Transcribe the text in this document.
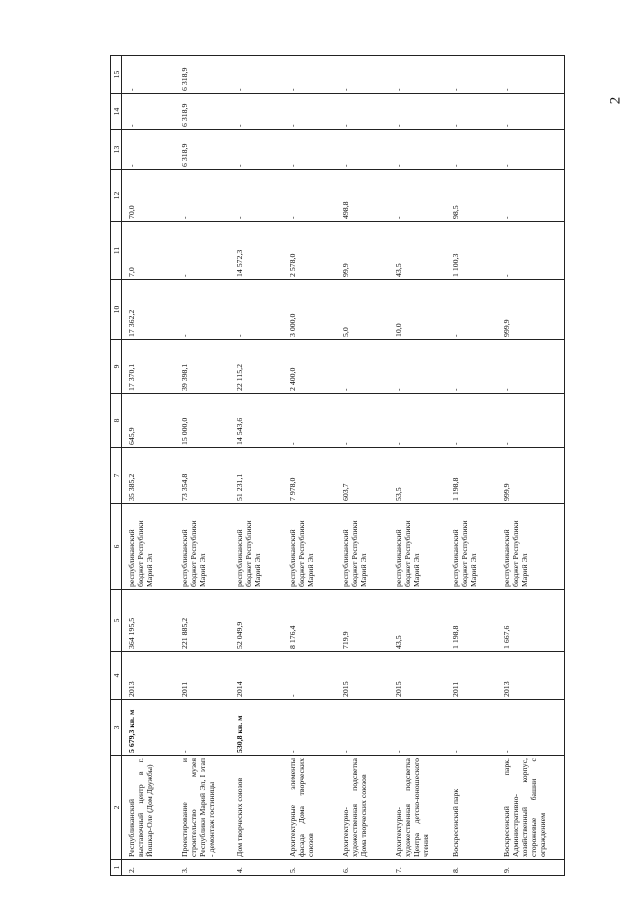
2
1	2	3	4	5	6	7	8	9	10	11	12	13	14	15
2.	Республиканский выставочный центр в г. Йошкар-Оле (Дом Дружбы)	5 679,3 кв. м	2013	364 195,5	республиканский бюджет Республики Марий Эл	35 385,2	645,9	17 370,1	17 362,2	7,0	70,0	-	-	-
3.	Проектирование и строительство музея Республики Марий Эл, I этап - демонтаж гостиницы	-	2011	221 885,2	республиканский бюджет Республики Марий Эл	73 354,8	15 000,0	39 398,1	-	-	-	6 318,9	6 318,9	6 318,9
4.	Дом творческих союзов	530,8 кв. м	2014	52 049,9	республиканский бюджет Республики Марий Эл	51 231,1	14 543,6	22 115,2	-	14 572,3	-	-	-	-
5.	Архитектурные элементы фасада Дома творческих союзов	-	-	8 176,4	республиканский бюджет Республики Марий Эл	7 978,0	-	2 400,0	3 000,0	2 578,0	-	-	-	-
6.	Архитектурно-художественная подсветка Дома творческих союзов	-	2015	719,9	республиканский бюджет Республики Марий Эл	603,7	-	-	5,0	99,9	498,8	-	-	-
7.	Архитектурно-художественная подсветка Центра детско-юношеского чтения	-	2015	43,5	республиканский бюджет Республики Марий Эл	53,5	-	-	10,0	43,5	-	-	-	-
8.	Воскресенский парк	-	2011	1 198,8	республиканский бюджет Республики Марий Эл	1 198,8	-	-	-	1 100,3	98,5	-	-	-
9.	Воскресенский парк. Административно-хозяйственный корпус, сторожевые башни с ограждением	-	2013	1 667,6	республиканский бюджет Республики Марий Эл	999,9	-	-	999,9	-	-	-	-	-
